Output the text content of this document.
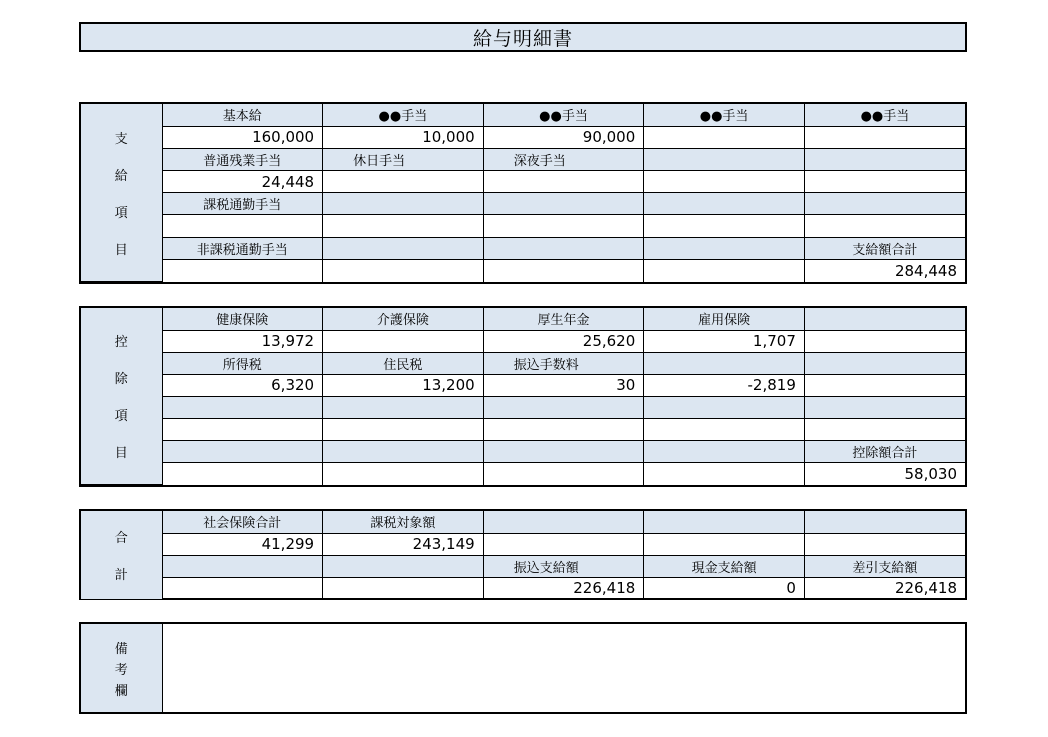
給与明細書
支
給
項
目	基本給	●●手当	●●手当	●●手当	●●手当
	160,000	10,000	90,000		
	普通残業手当	休日手当	深夜手当		
	24,448				
	課税通勤手当				

	非課税通勤手当				支給額合計
					284,448
控
除
項
目	健康保険	介護保険	厚生年金	雇用保険	
	13,972		25,620	1,707	
	所得税	住民税	振込手数料		
	6,320	13,200	30	-2,819	

					控除額合計
					58,030
合
計	社会保険合計	課税対象額			
	41,299	243,149			
			振込支給額	現金支給額	差引支給額
			226,418	0	226,418
備
考
欄
